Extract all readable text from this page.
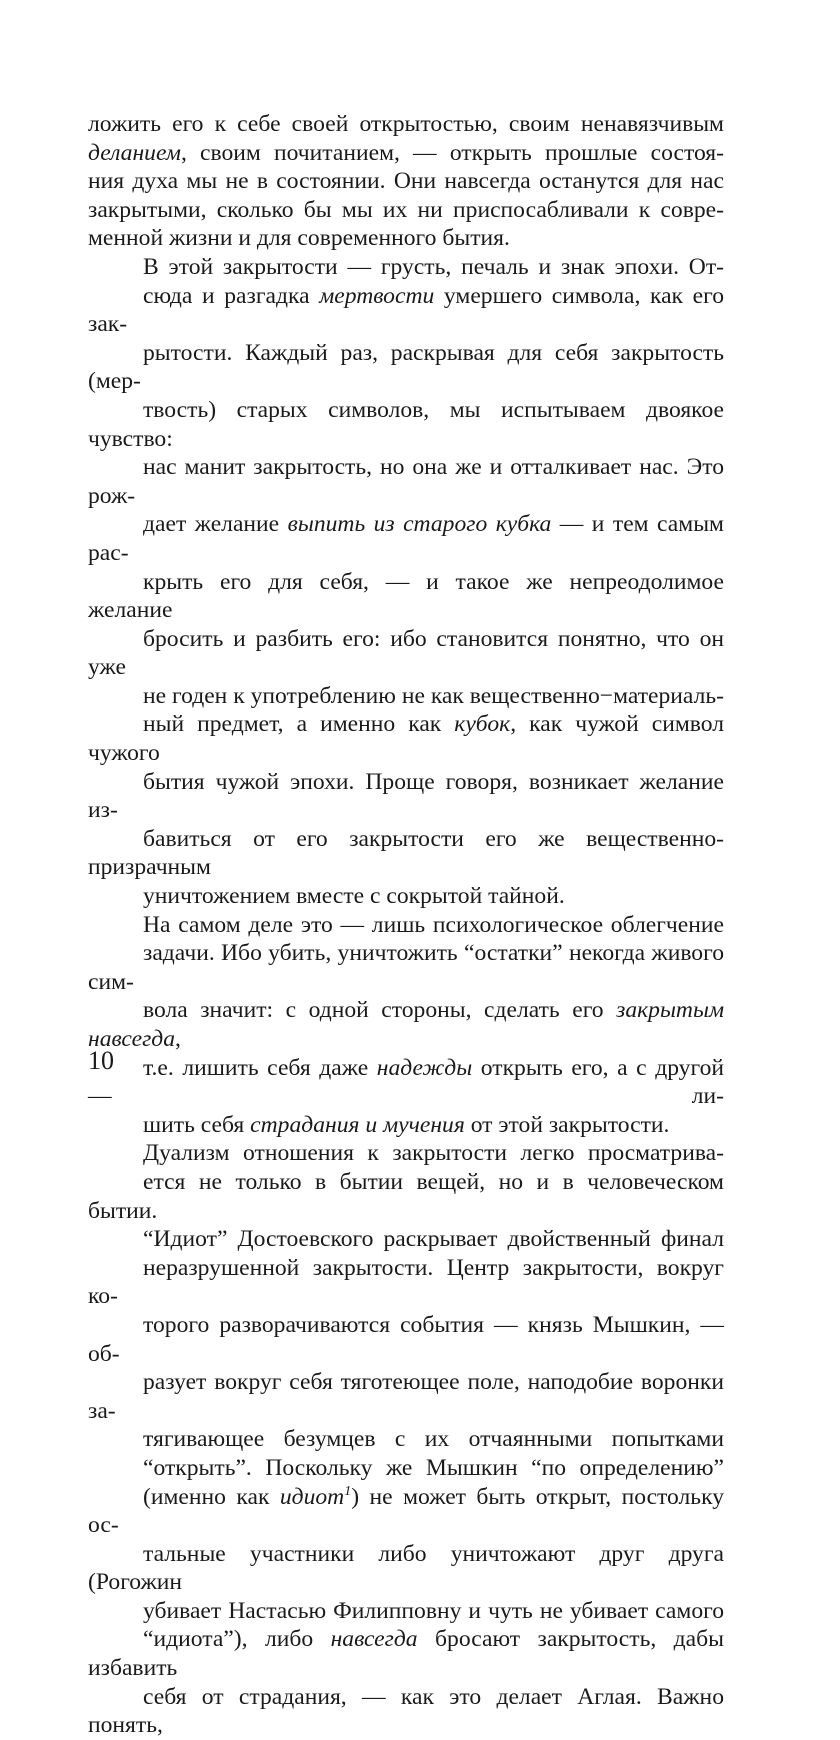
ложить его к себе своей открытостью, своим ненавязчивым
деланием, своим почитанием, — открыть прошлые состоя-
ния духа мы не в состоянии. Они навсегда останутся для нас
закрытыми, сколько бы мы их ни приспосабливали к совре-
менной жизни и для современного бытия.
В этой закрытости — грусть, печаль и знак эпохи. От-
сюда и разгадка мертвости умершего символа, как его зак-
рытости. Каждый раз, раскрывая для себя закрытость (мер-
твость) старых символов, мы испытываем двоякое чувство:
нас манит закрытость, но она же и отталкивает нас. Это рож-
дает желание выпить из старого кубка — и тем самым рас-
крыть его для себя, — и такое же непреодолимое желание
бросить и разбить его: ибо становится понятно, что он уже
не годен к употреблению не как вещественно−материаль-
ный предмет, а именно как кубок, как чужой символ чужого
бытия чужой эпохи. Проще говоря, возникает желание из-
бавиться от его закрытости его же вещественно-призрачным
уничтожением вместе с сокрытой тайной.
На самом деле это — лишь психологическое облегчение
задачи. Ибо убить, уничтожить “остатки” некогда живого сим-
вола значит: с одной стороны, сделать его закрытым навсегда,
т.е. лишить себя даже надежды открыть его, а с другой — ли-
шить себя страдания и мучения от этой закрытости.
Дуализм отношения к закрытости легко просматрива-
ется не только в бытии вещей, но и в человеческом бытии.
“Идиот” Достоевского раскрывает двойственный финал
неразрушенной закрытости. Центр закрытости, вокруг ко-
торого разворачиваются события — князь Мышкин, — об-
разует вокруг себя тяготеющее поле, наподобие воронки за-
тягивающее безумцев с их отчаянными попытками
“открыть”. Поскольку же Мышкин “по определению”
(именно как идиот$^1$) не может быть открыт, постольку ос-
тальные участники либо уничтожают друг друга (Рогожин
убивает Настасью Филипповну и чуть не убивает самого
“идиота”), либо навсегда бросают закрытость, дабы избавить
себя от страдания, — как это делает Аглая. Важно понять,
10
